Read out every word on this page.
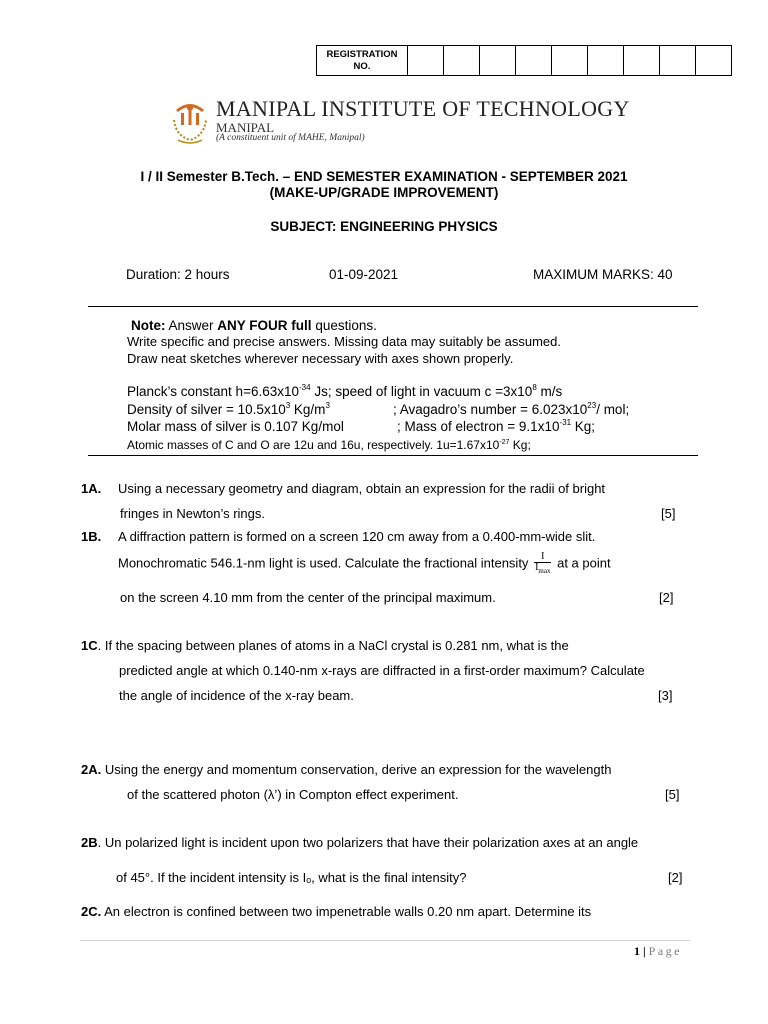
REGISTRATION
NO.									
MANIPAL INSTITUTE OF TECHNOLOGY
MANIPAL
(A constituent unit of MAHE, Manipal)
I / II Semester B.Tech. – END SEMESTER EXAMINATION - SEPTEMBER 2021
(MAKE-UP/GRADE IMPROVEMENT)
SUBJECT: ENGINEERING PHYSICS
Duration: 2 hours	01-09-2021	MAXIMUM MARKS: 40
Note: Answer ANY FOUR full questions.
Write specific and precise answers. Missing data may suitably be assumed.
Draw neat sketches wherever necessary with axes shown properly.
Planck’s constant $h=6.63x10^{-34}$ Js; speed of light in vacuum $c =3x10^8$ m/s
Density of silver = $10.5x10^3$ $Kg/m^3$	; Avagadro’s number = $6.023x10^{23}/$ mol;
Molar mass of silver is 0.107 Kg/mol	; Mass of electron = $9.1x10^{-31}$ Kg;
Atomic masses of C and O are 12u and 16u, respectively. $1u=1.67x10^{-27}$ Kg;
1A. Using a necessary geometry and diagram, obtain an expression for the radii of bright
fringes in Newton’s rings.	[5]
1B. A diffraction pattern is formed on a screen 120 cm away from a 0.400-mm-wide slit.
Monochromatic 546.1-nm light is used. Calculate the fractional intensity $\frac{I}{I_{max}}$ at a point
on the screen 4.10 mm from the center of the principal maximum.	[2]
1C. If the spacing between planes of atoms in a NaCl crystal is 0.281 nm, what is the
predicted angle at which 0.140-nm x-rays are diffracted in a first-order maximum? Calculate
the angle of incidence of the x-ray beam.	[3]
2A. Using the energy and momentum conservation, derive an expression for the wavelength
of the scattered photon (λ’) in Compton effect experiment.	[5]
2B. Un polarized light is incident upon two polarizers that have their polarization axes at an angle
of 45°. If the incident intensity is Iₒ, what is the final intensity?	[2]
2C. An electron is confined between two impenetrable walls 0.20 nm apart. Determine its
1 | Page
